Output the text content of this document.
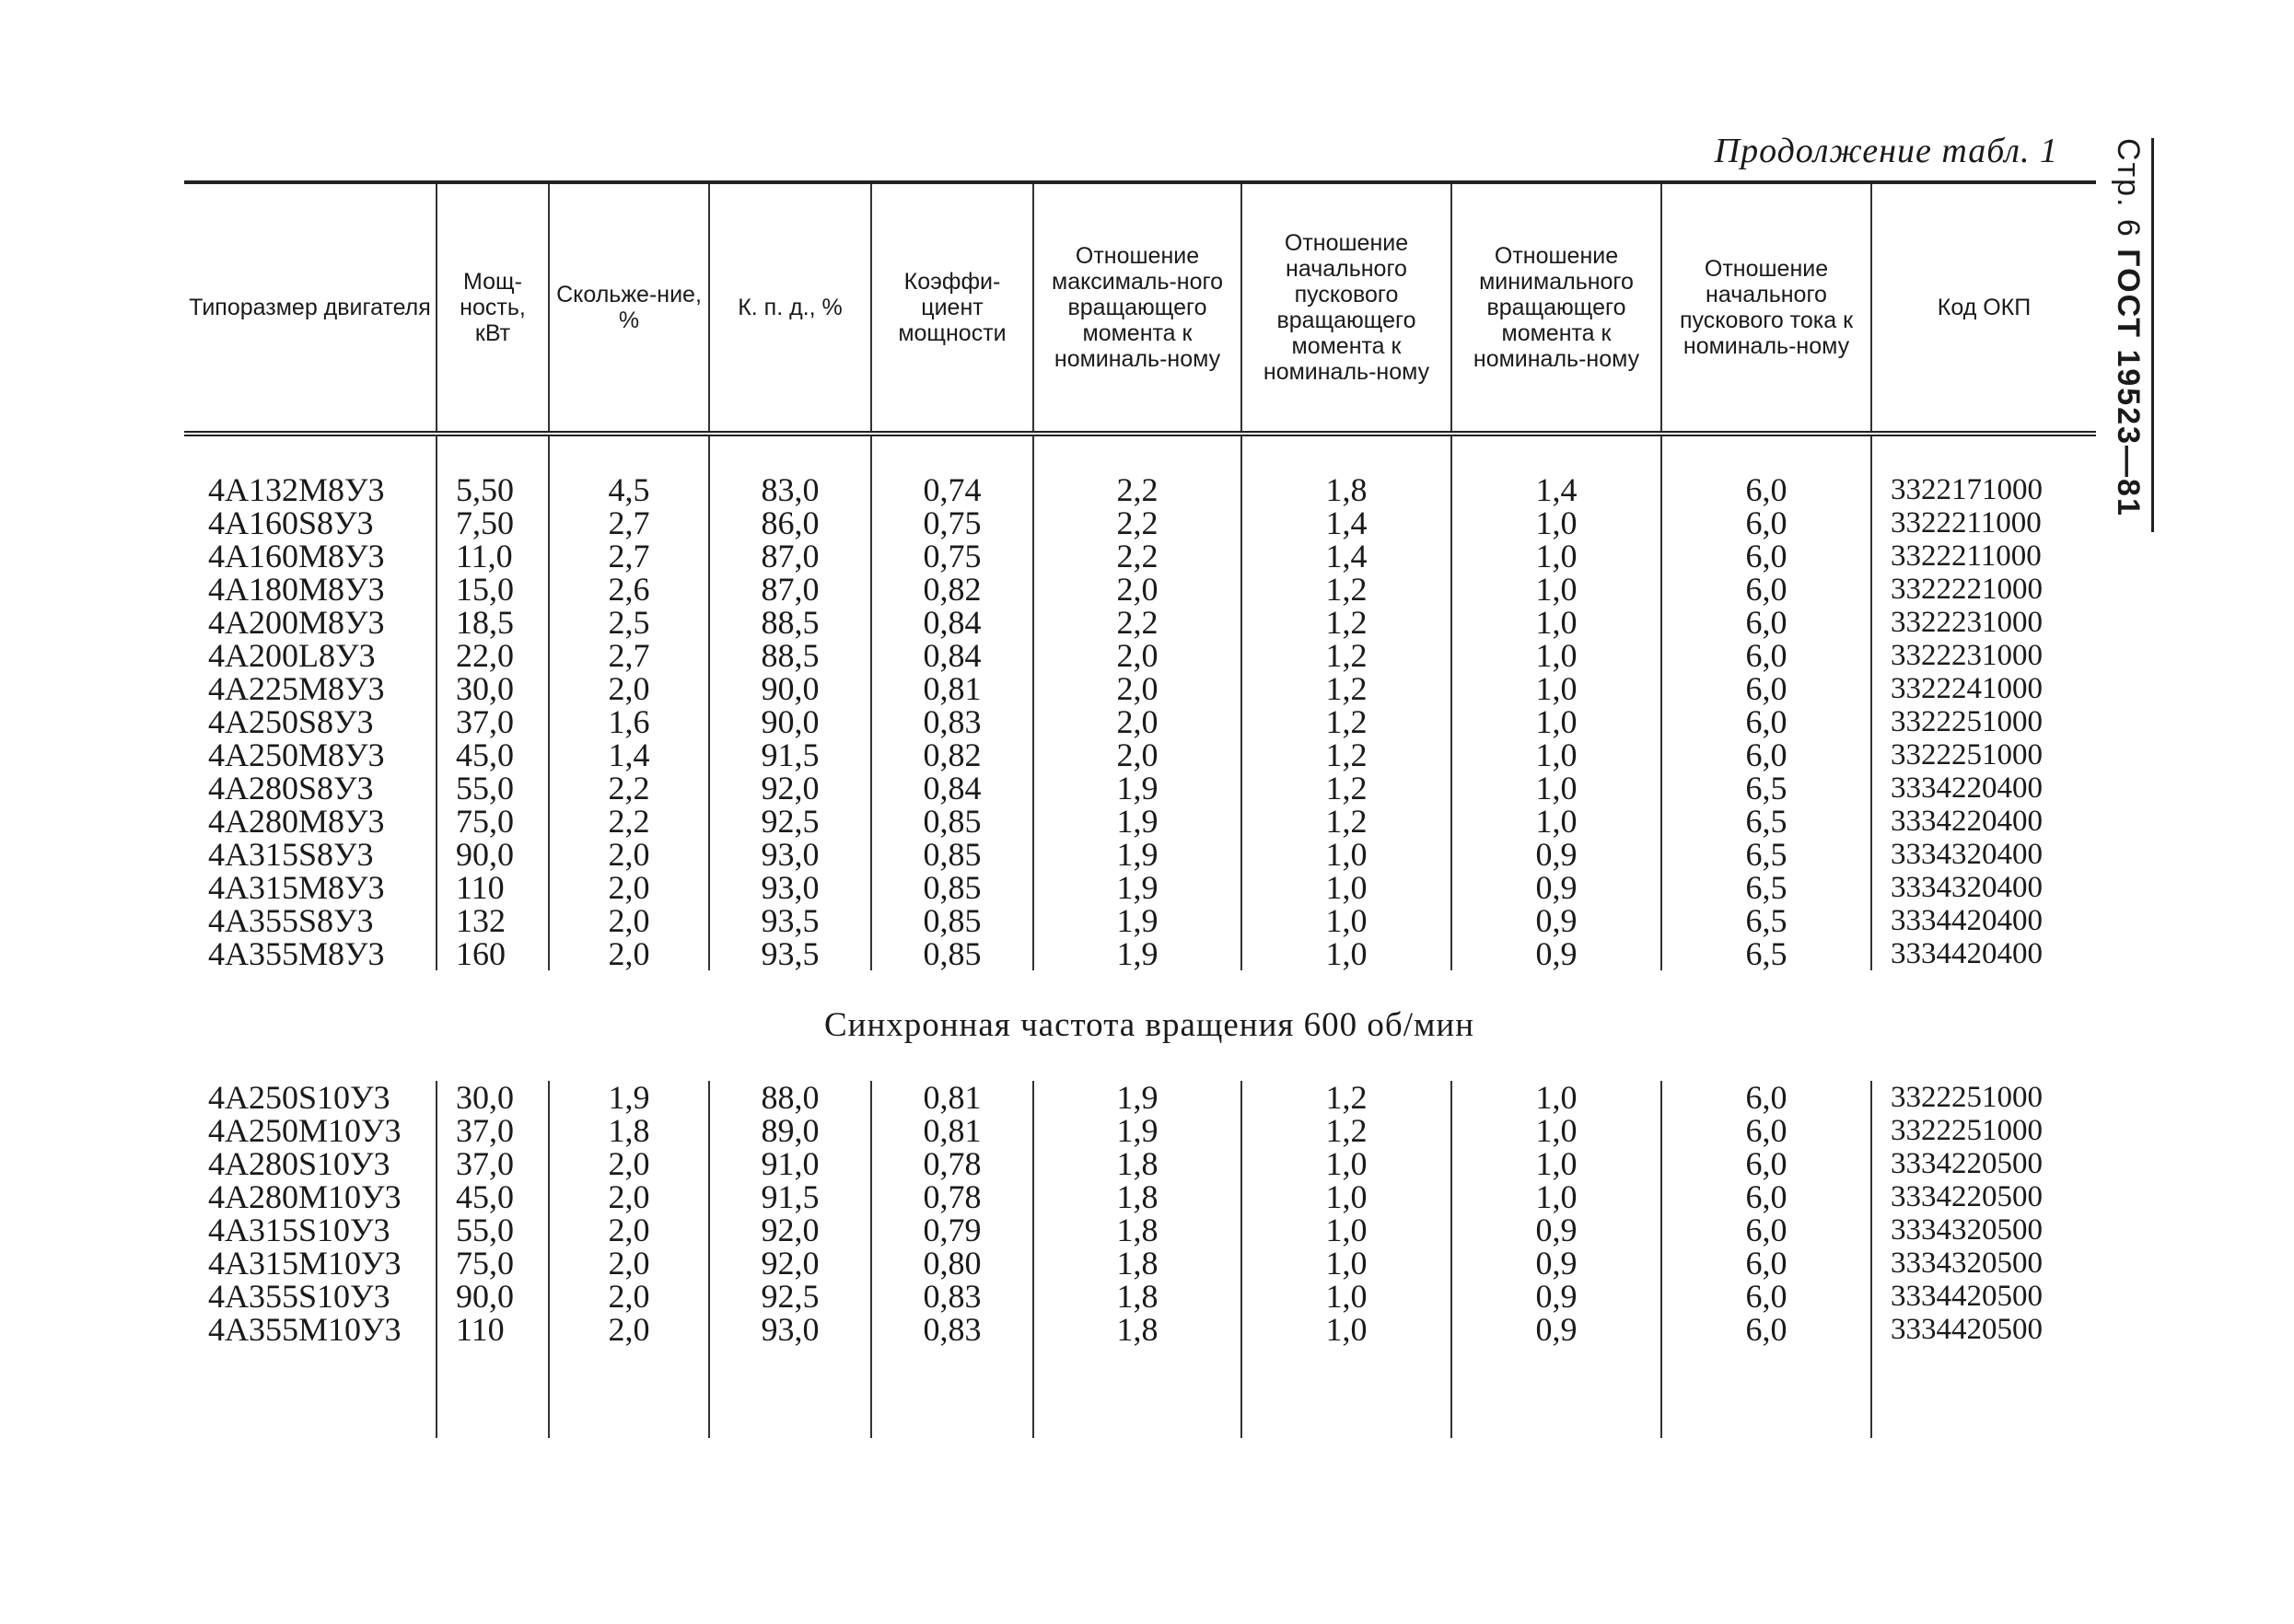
Продолжение табл. 1 Стр. 6 ГОСТ 19523—81
Типоразмер двигателя	Мощ-ность, кВт	Скольже-ние, %	К. п. д., %	Коэффи-циент мощности	Отношение максималь-ного вращающего момента к номиналь-ному	Отношение начального пускового вращающего момента к номиналь-ному	Отношение минимального вращающего момента к номиналь-ному	Отношение начального пускового тока к номиналь-ному	Код ОКП

4А132М8У3	5,50	4,5	83,0	0,74	2,2	1,8	1,4	6,0	3322171000
4А160S8У3	7,50	2,7	86,0	0,75	2,2	1,4	1,0	6,0	3322211000
4А160М8У3	11,0	2,7	87,0	0,75	2,2	1,4	1,0	6,0	3322211000
4А180М8У3	15,0	2,6	87,0	0,82	2,0	1,2	1,0	6,0	3322221000
4А200М8У3	18,5	2,5	88,5	0,84	2,2	1,2	1,0	6,0	3322231000
4А200L8У3	22,0	2,7	88,5	0,84	2,0	1,2	1,0	6,0	3322231000
4А225М8У3	30,0	2,0	90,0	0,81	2,0	1,2	1,0	6,0	3322241000
4А250S8У3	37,0	1,6	90,0	0,83	2,0	1,2	1,0	6,0	3322251000
4А250М8У3	45,0	1,4	91,5	0,82	2,0	1,2	1,0	6,0	3322251000
4А280S8У3	55,0	2,2	92,0	0,84	1,9	1,2	1,0	6,5	3334220400
4А280М8У3	75,0	2,2	92,5	0,85	1,9	1,2	1,0	6,5	3334220400
4А315S8У3	90,0	2,0	93,0	0,85	1,9	1,0	0,9	6,5	3334320400
4А315М8У3	110	2,0	93,0	0,85	1,9	1,0	0,9	6,5	3334320400
4А355S8У3	132	2,0	93,5	0,85	1,9	1,0	0,9	6,5	3334420400
4А355М8У3	160	2,0	93,5	0,85	1,9	1,0	0,9	6,5	3334420400
Синхронная частота вращения 600 об/мин									
4А250S10У3	30,0	1,9	88,0	0,81	1,9	1,2	1,0	6,0	3322251000
4А250М10У3	37,0	1,8	89,0	0,81	1,9	1,2	1,0	6,0	3322251000
4А280S10У3	37,0	2,0	91,0	0,78	1,8	1,0	1,0	6,0	3334220500
4А280М10У3	45,0	2,0	91,5	0,78	1,8	1,0	1,0	6,0	3334220500
4А315S10У3	55,0	2,0	92,0	0,79	1,8	1,0	0,9	6,0	3334320500
4А315М10У3	75,0	2,0	92,0	0,80	1,8	1,0	0,9	6,0	3334320500
4А355S10У3	90,0	2,0	92,5	0,83	1,8	1,0	0,9	6,0	3334420500
4А355М10У3	110	2,0	93,0	0,83	1,8	1,0	0,9	6,0	3334420500
